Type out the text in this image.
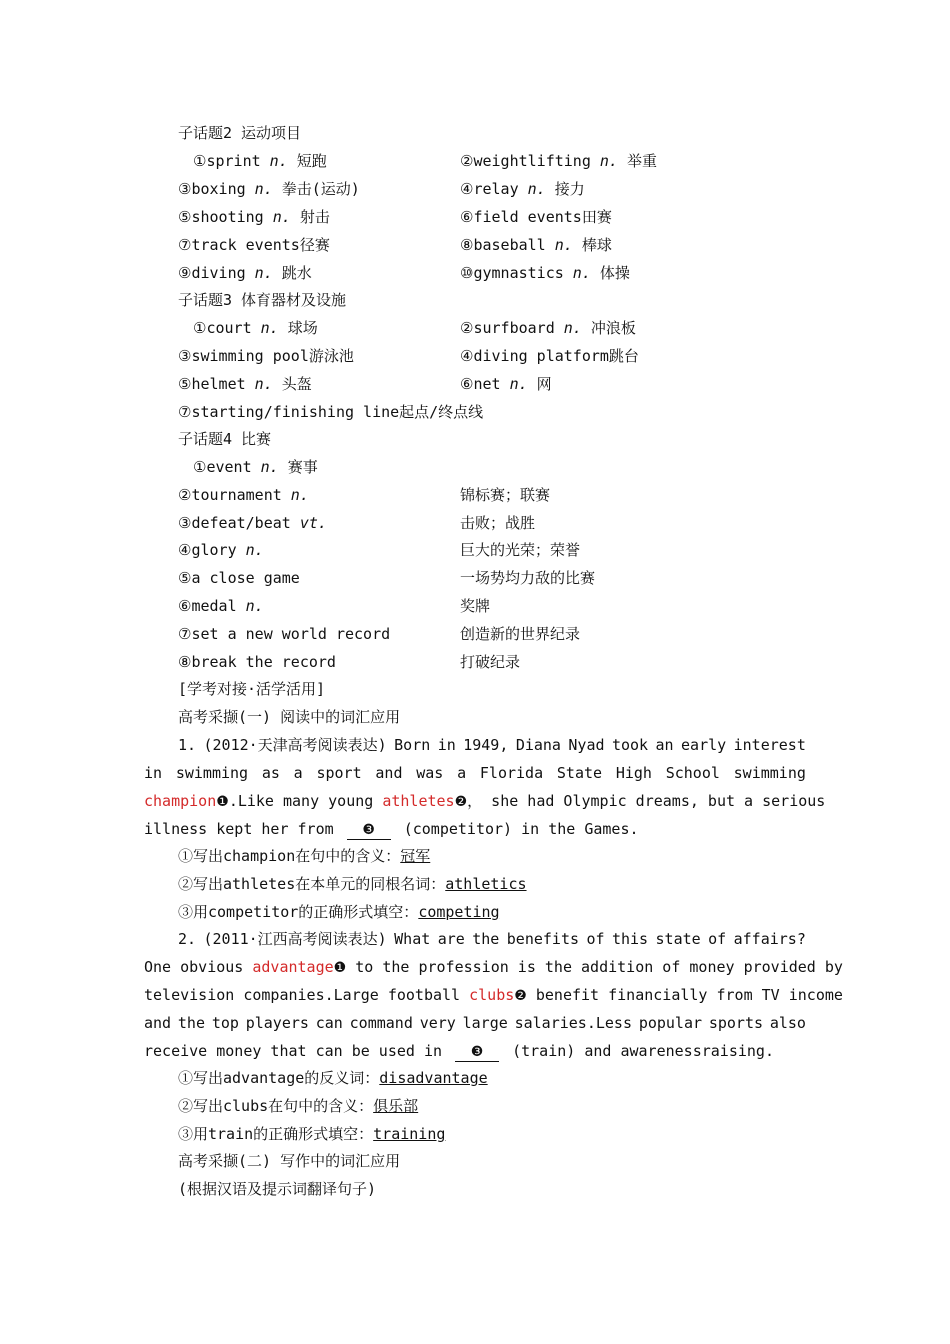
子话题2 运动项目
①sprint n. 短跑	②weightlifting n. 举重
③boxing n. 拳击(运动)	④relay n. 接力
⑤shooting n. 射击	⑥field events田赛
⑦track events径赛	⑧baseball n. 棒球
⑨diving n. 跳水	⑩gymnastics n. 体操
子话题3 体育器材及设施
①court n. 球场	②surfboard n. 冲浪板
③swimming pool游泳池	④diving platform跳台
⑤helmet n. 头盔	⑥net n. 网
⑦starting/finishing line起点/终点线
子话题4 比赛
①event n. 赛事
②tournament n.	锦标赛；联赛
③defeat/beat vt.	击败；战胜
④glory n.	巨大的光荣；荣誉
⑤a close game	一场势均力敌的比赛
⑥medal n.	奖牌
⑦set a new world record	创造新的世界纪录
⑧break the record	打破纪录
[学考对接·活学活用]
高考采撷(一) 阅读中的词汇应用
1. (2012·天津高考阅读表达) Born in 1949, Diana Nyad took an early interest
in swimming as a sport and was a Florida State High School swimming
champion❶.Like many young athletes❷， she had Olympic dreams, but a serious
illness kept her from ❸ (competitor) in the Games.
①写出champion在句中的含义：冠军
②写出athletes在本单元的同根名词：athletics
③用competitor的正确形式填空：competing
2. (2011·江西高考阅读表达) What are the benefits of this state of affairs?
One obvious advantage❶ to the profession is the addition of money provided by
television companies.Large football clubs❷ benefit financially from TV income
and the top players can command very large salaries.Less popular sports also
receive money that can be used in ❸ (train) and awarenessraising.
①写出advantage的反义词：disadvantage
②写出clubs在句中的含义：俱乐部
③用train的正确形式填空：training
高考采撷(二) 写作中的词汇应用
(根据汉语及提示词翻译句子)
